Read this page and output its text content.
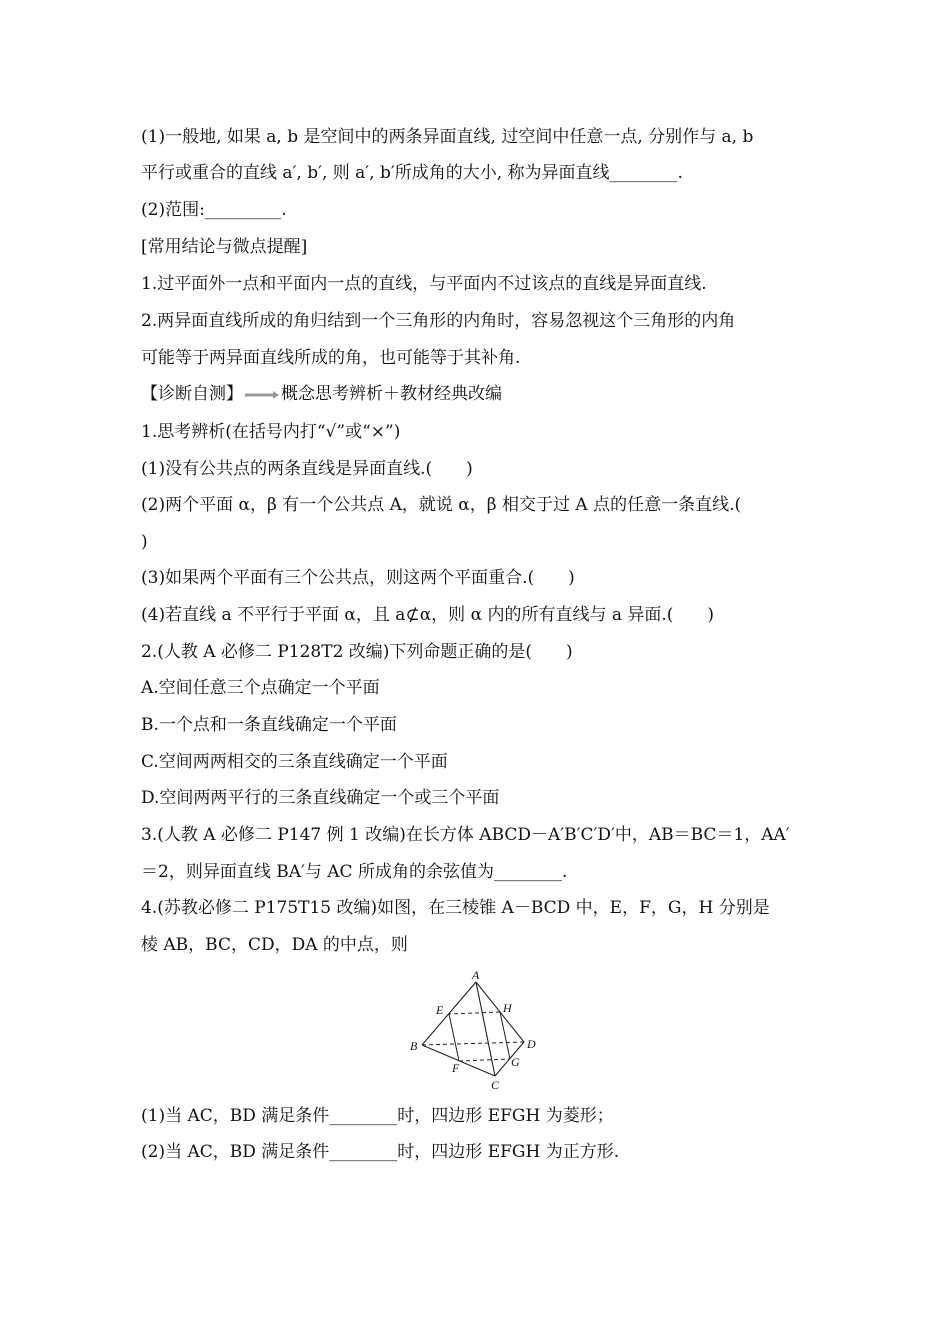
(1)一般地, 如果 a, b 是空间中的两条异面直线, 过空间中任意一点, 分别作与 a, b
平行或重合的直线 a′, b′, 则 a′, b′所成角的大小, 称为异面直线________.
(2)范围:_________.
[常用结论与微点提醒]
1.过平面外一点和平面内一点的直线，与平面内不过该点的直线是异面直线.
2.两异面直线所成的角归结到一个三角形的内角时，容易忽视这个三角形的内角
可能等于两异面直线所成的角，也可能等于其补角.
【诊断自测】 概念思考辨析＋教材经典改编
1.思考辨析(在括号内打“√”或“×”)
(1)没有公共点的两条直线是异面直线.(　　)
(2)两个平面 α，β 有一个公共点 A，就说 α，β 相交于过 A 点的任意一条直线.(
)
(3)如果两个平面有三个公共点，则这两个平面重合.(　　)
(4)若直线 a 不平行于平面 α，且 a⊄α，则 α 内的所有直线与 a 异面.(　　)
2.(人教 A 必修二 P128T2 改编)下列命题正确的是(　　)
A.空间任意三个点确定一个平面
B.一个点和一条直线确定一个平面
C.空间两两相交的三条直线确定一个平面
D.空间两两平行的三条直线确定一个或三个平面
3.(人教 A 必修二 P147 例 1 改编)在长方体 ABCD－A′B′C′D′中，AB＝BC＝1，AA′
＝2，则异面直线 BA′与 AC 所成角的余弦值为________.
4.(苏教必修二 P175T15 改编)如图，在三棱锥 A－BCD 中，E，F，G，H 分别是
棱 AB，BC，CD，DA 的中点，则
A
E	H
B	D
G
F
C
(1)当 AC，BD 满足条件________时，四边形 EFGH 为菱形；
(2)当 AC，BD 满足条件________时，四边形 EFGH 为正方形.
